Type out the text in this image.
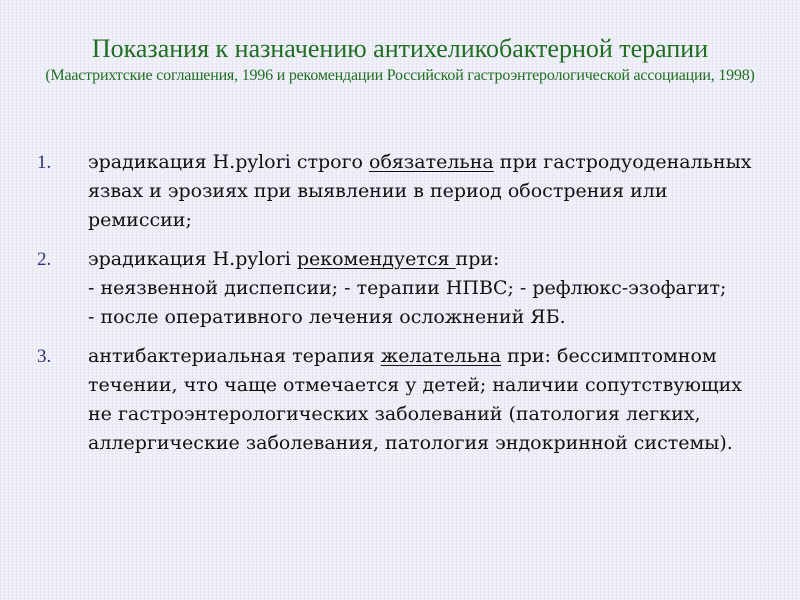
Показания к назначению антихеликобактерной терапии
(Маастрихтские соглашения, 1996 и рекомендации Российской гастроэнтерологической ассоциации, 1998)
1. эрадикация H.pylori строго обязательна при гастродуоденальных язвах и эрозиях при выявлении в период обострения или ремиссии;
2. эрадикация H.pylori рекомендуется при:
- неязвенной диспепсии; - терапии НПВС; - рефлюкс-эзофагит;
- после оперативного лечения осложнений ЯБ.
3. антибактериальная терапия желательна при: бессимптомном течении, что чаще отмечается у детей; наличии сопутствующих не гастроэнтерологических заболеваний (патология легких, аллергические заболевания, патология эндокринной системы).
